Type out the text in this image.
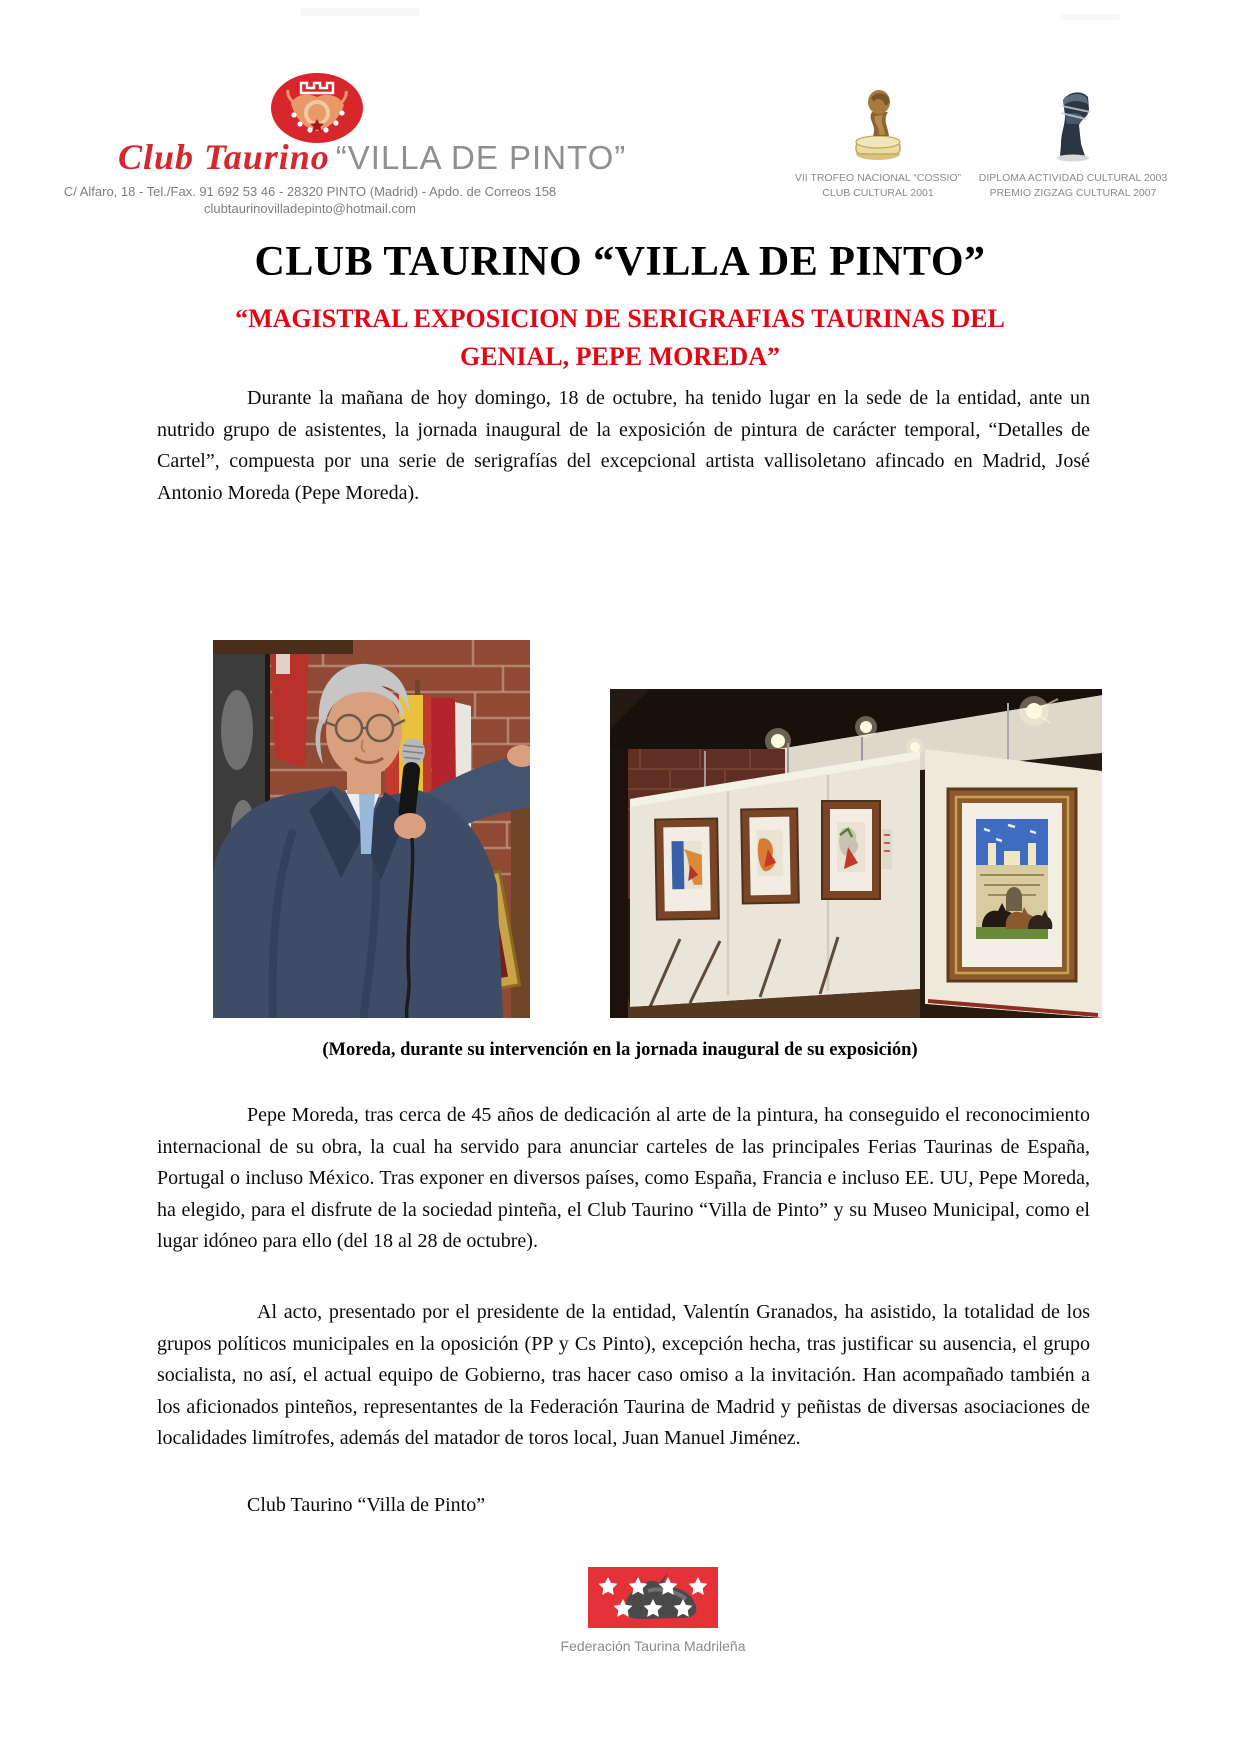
Club Taurino “VILLA DE PINTO”
C/ Alfaro, 18 - Tel./Fax. 91 692 53 46 - 28320 PINTO (Madrid) - Apdo. de Correos 158
clubtaurinovilladepinto@hotmail.com
VII TROFEO NACIONAL “COSSIO”
CLUB CULTURAL 2001
DIPLOMA ACTIVIDAD CULTURAL 2003
PREMIO ZIGZAG CULTURAL 2007
CLUB TAURINO “VILLA DE PINTO”
“MAGISTRAL EXPOSICION DE SERIGRAFIAS TAURINAS DEL GENIAL, PEPE MOREDA”

Durante la mañana de hoy domingo, 18 de octubre, ha tenido lugar en la sede de la entidad, ante un nutrido grupo de asistentes, la jornada inaugural de la exposición de pintura de carácter temporal, “Detalles de Cartel”, compuesta por una serie de serigrafías del excepcional artista vallisoletano afincado en Madrid, José Antonio Moreda (Pepe Moreda).

(Moreda, durante su intervención en la jornada inaugural de su exposición)

Pepe Moreda, tras cerca de 45 años de dedicación al arte de la pintura, ha conseguido el reconocimiento internacional de su obra, la cual ha servido para anunciar carteles de las principales Ferias Taurinas de España, Portugal o incluso México. Tras exponer en diversos países, como España, Francia e incluso EE. UU, Pepe Moreda, ha elegido, para el disfrute de la sociedad pinteña, el Club Taurino “Villa de Pinto” y su Museo Municipal, como el lugar idóneo para ello (del 18 al 28 de octubre).

Al acto, presentado por el presidente de la entidad, Valentín Granados, ha asistido, la totalidad de los grupos políticos municipales en la oposición (PP y Cs Pinto), excepción hecha, tras justificar su ausencia, el grupo socialista, no así, el actual equipo de Gobierno, tras hacer caso omiso a la invitación. Han acompañado también a los aficionados pinteños, representantes de la Federación Taurina de Madrid y peñistas de diversas asociaciones de localidades limítrofes, además del matador de toros local, Juan Manuel Jiménez.

Club Taurino “Villa de Pinto”
Federación Taurina Madrileña
